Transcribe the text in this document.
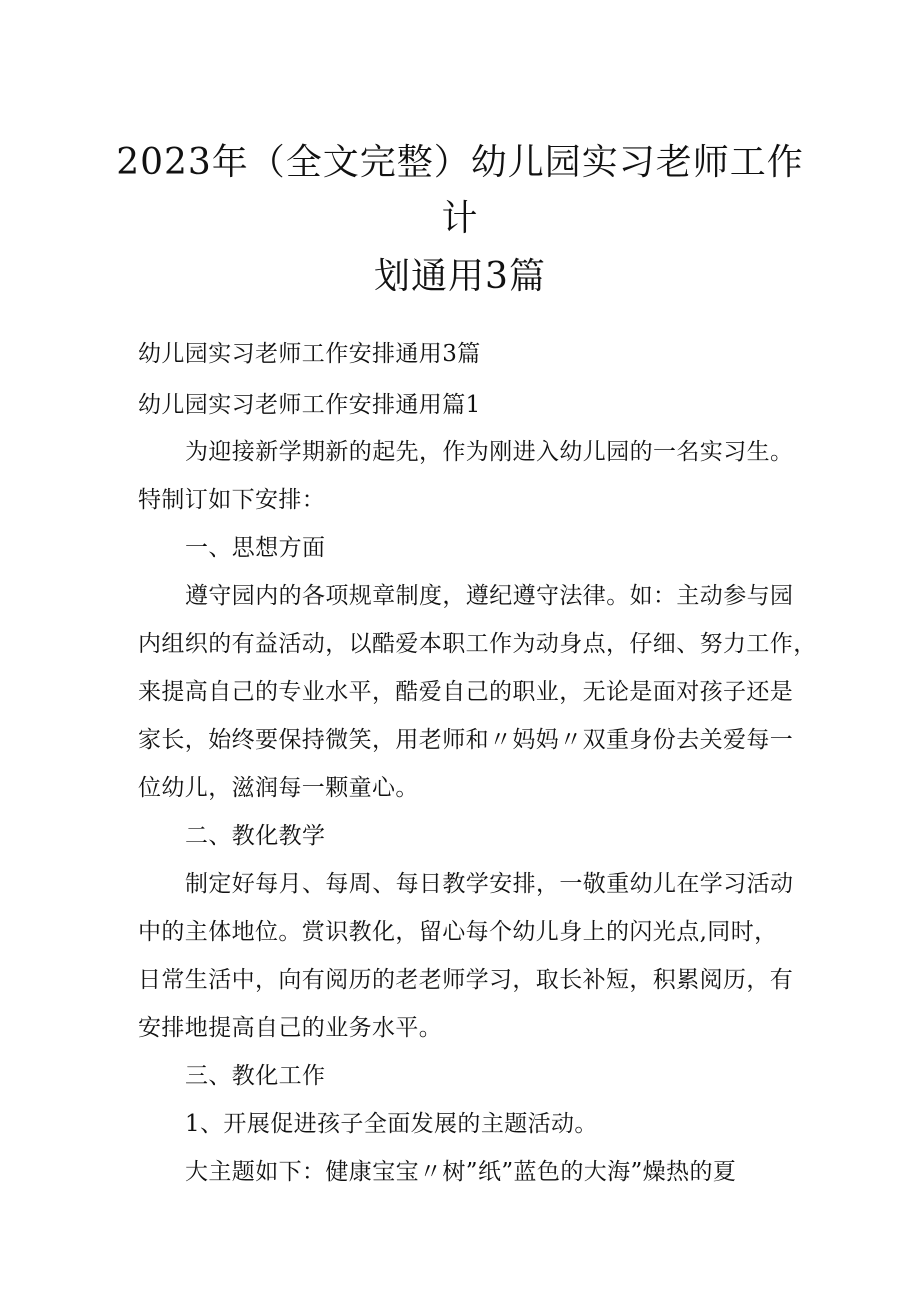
2023年（全文完整）幼儿园实习老师工作
计
划通用3篇
幼儿园实习老师工作安排通用3篇
幼儿园实习老师工作安排通用篇1
为迎接新学期新的起先，作为刚进入幼儿园的一名实习生。
特制订如下安排：
一、思想方面
遵守园内的各项规章制度，遵纪遵守法律。如：主动参与园
内组织的有益活动，以酷爱本职工作为动身点，仔细、努力工作，
来提高自己的专业水平，酷爱自己的职业，无论是面对孩子还是
家长，始终要保持微笑，用老师和〃妈妈〃双重身份去关爱每一
位幼儿，滋润每一颗童心。
二、教化教学
制定好每月、每周、每日教学安排，一敬重幼儿在学习活动
中的主体地位。赏识教化，留心每个幼儿身上的闪光点,同时，
日常生活中，向有阅历的老老师学习，取长补短，积累阅历，有
安排地提高自己的业务水平。
三、教化工作
1、开展促进孩子全面发展的主题活动。
大主题如下：健康宝宝〃树”纸”蓝色的大海”燥热的夏
